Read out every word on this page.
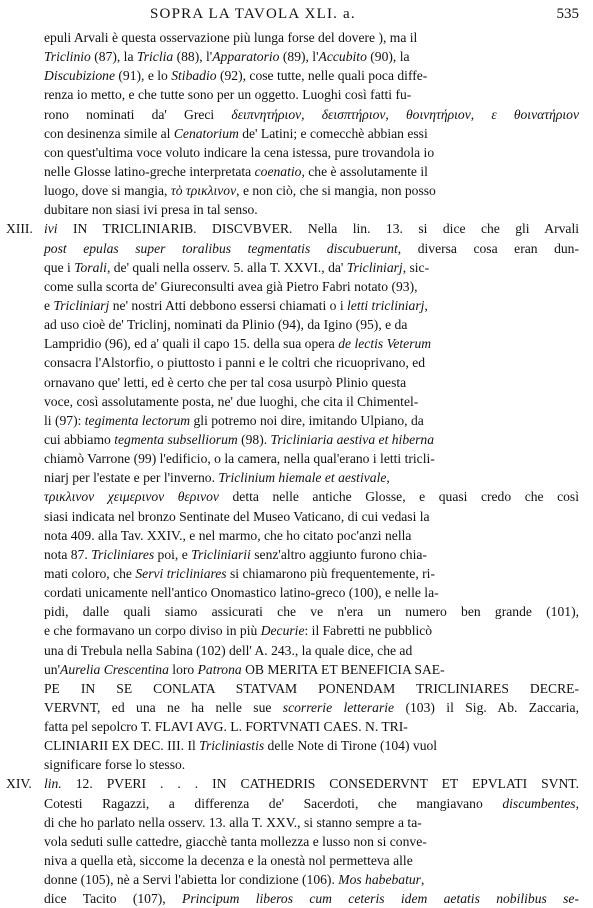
SOPRA LA TAVOLA XLI. a.	535
epuli Arvali è questa osservazione più lunga forse del dovere ), ma il
Triclinio (87), la Triclia (88), l'Apparatorio (89), l'Accubito (90), la
Discubizione (91), e lo Stibadio (92), cose tutte, nelle quali poca diffe-
renza io metto, e che tutte sono per un oggetto. Luoghi così fatti fu-
rono nominati da' Greci δειπνητήριον, δεισπτήριον, θοινητήριον, ε θοινατήριον
con desinenza simile al Cenatorium de' Latini; e comecchè abbian essi
con quest'ultima voce voluto indicare la cena istessa, pure trovandola io
nelle Glosse latino-greche interpretata coenatio, che è assolutamente il
luogo, dove si mangia, τὸ τρικλινον, e non ciò, che si mangia, non posso
dubitare non siasi ivi presa in tal senso.
XIII. ivi IN TRICLINIARIB. DISCVBVER. Nella lin. 13. si dice che gli Arvali
post epulas super toralibus tegmentatis discubuerunt, diversa cosa eran dun-
que i Torali, de' quali nella osserv. 5. alla T. XXVI., da' Tricliniarj, sic-
come sulla scorta de' Giureconsulti avea già Pietro Fabri notato (93),
e Tricliniarj ne' nostri Atti debbono essersi chiamati o i letti tricliniarj,
ad uso cioè de' Triclinj, nominati da Plinio (94), da Igino (95), e da
Lampridio (96), ed a' quali il capo 15. della sua opera de lectis Veterum
consacra l'Alstorfio, o piuttosto i panni e le coltri che ricuoprivano, ed
ornavano que' letti, ed è certo che per tal cosa usurpò Plinio questa
voce, così assolutamente posta, ne' due luoghi, che cita il Chimentel-
li (97): tegimenta lectorum gli potremo noi dire, imitando Ulpiano, da
cui abbiamo tegmenta subselliorum (98). Tricliniaria aestiva et hiberna
chiamò Varrone (99) l'edificio, o la camera, nella qual'erano i letti tricli-
niarj per l'estate e per l'inverno. Triclinium hiemale et aestivale,
τρικλινον χειμερινον θερινον detta nelle antiche Glosse, e quasi credo che così
siasi indicata nel bronzo Sentinate del Museo Vaticano, di cui vedasi la
nota 409. alla Tav. XXIV., e nel marmo, che ho citato poc'anzi nella
nota 87. Tricliniares poi, e Tricliniarii senz'altro aggiunto furono chia-
mati coloro, che Servi tricliniares si chiamarono più frequentemente, ri-
cordati unicamente nell'antico Onomastico latino-greco (100), e nelle la-
pidi, dalle quali siamo assicurati che ve n'era un numero ben grande (101),
e che formavano un corpo diviso in più Decurie: il Fabretti ne pubblicò
una di Trebula nella Sabina (102) dell' A. 243., la quale dice, che ad
un'Aurelia Crescentina loro Patrona OB MERITA ET BENEFICIA SAE-
PE IN SE CONLATA STATVAM PONENDAM TRICLINIARES DECRE-
VERVNT, ed una ne ha nelle sue scorrerie letterarie (103) il Sig. Ab. Zaccaria,
fatta pel sepolcro T. FLAVI AVG. L. FORTVNATI CAES. N. TRI-
CLINIARII EX DEC. III. Il Tricliniastis delle Note di Tirone (104) vuol
significare forse lo stesso.
XIV. lin. 12. PVERI . . . IN CATHEDRIS CONSEDERVNT ET EPVLATI SVNT.
Cotesti Ragazzi, a differenza de' Sacerdoti, che mangiavano discumbentes,
di che ho parlato nella osserv. 13. alla T. XXV., si stanno sempre a ta-
vola seduti sulle cattedre, giacchè tanta mollezza e lusso non si conve-
niva a quella età, siccome la decenza e la onestà nol permetteva alle
donne (105), nè a Servi l'abietta lor condizione (106). Mos habebatur,
dice Tacito (107), Principum liberos cum ceteris idem aetatis nobilibus se-
